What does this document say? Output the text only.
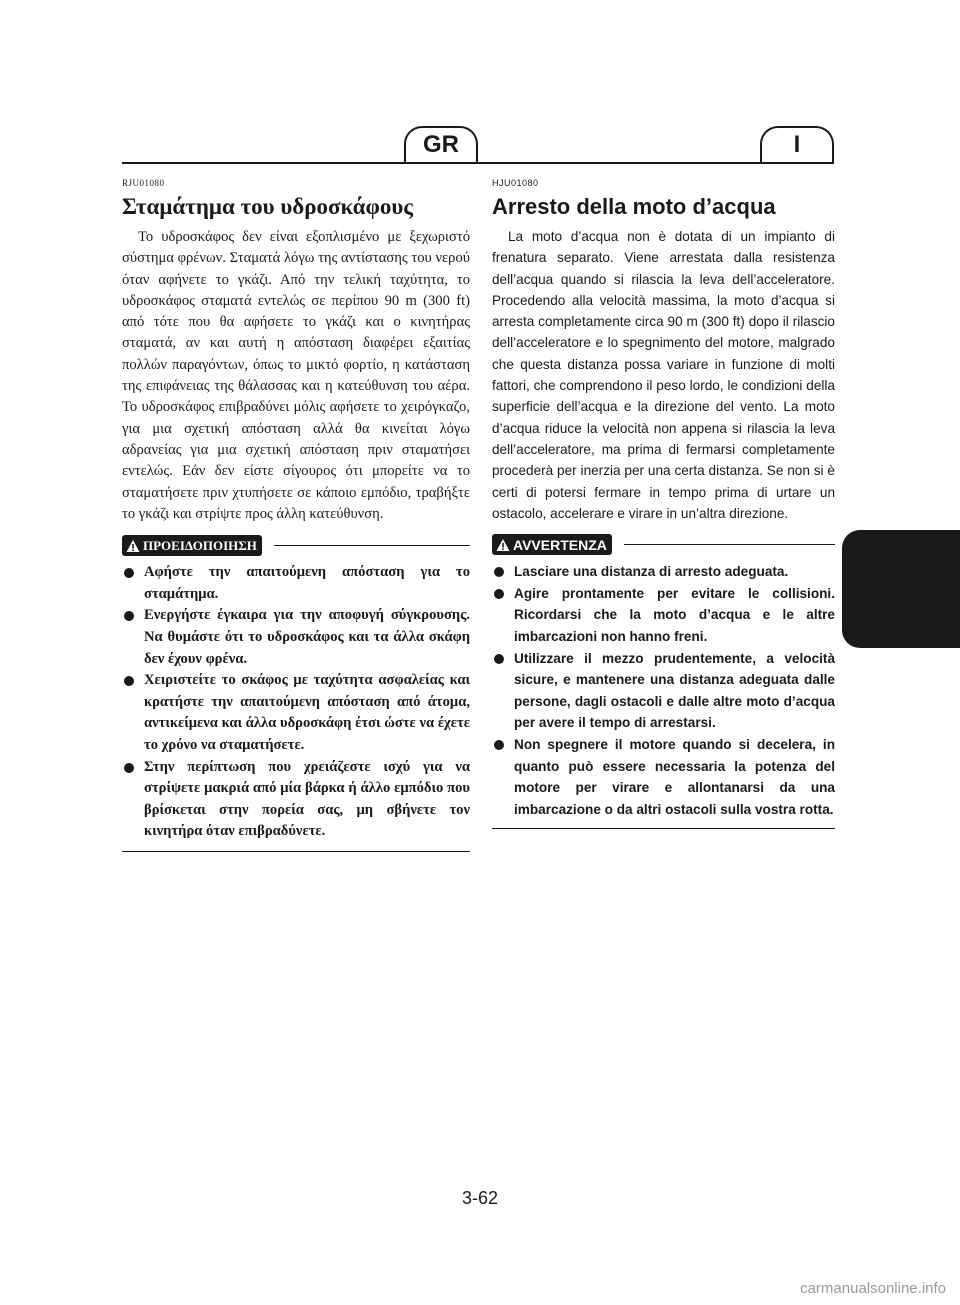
GR	I

RJU01080

Σταμάτημα του υδροσκάφους

Το υδροσκάφος δεν είναι εξοπλισμένο με ξεχωριστό σύστημα φρένων. Σταματά λόγω της αντίστασης του νερού όταν αφήνετε το γκάζι. Από την τελική ταχύτητα, το υδροσκάφος σταματά εντελώς σε περίπου 90 m (300 ft) από τότε που θα αφήσετε το γκάζι και ο κινητήρας σταματά, αν και αυτή η απόσταση διαφέρει εξαιτίας πολλών παραγόντων, όπως το μικτό φορτίο, η κατάσταση της επιφάνειας της θάλασσας και η κατεύθυνση του αέρα. Το υδροσκάφος επιβραδύνει μόλις αφήσετε το χειρόγκαζο, για μια σχετική απόσταση αλλά θα κινείται λόγω αδρανείας για μια σχετική απόσταση πριν σταματήσει εντελώς. Εάν δεν είστε σίγουρος ότι μπορείτε να το σταματήσετε πριν χτυπήσετε σε κάποιο εμπόδιο, τραβήξτε το γκάζι και στρίψτε προς άλλη κατεύθυνση.

ΠΡΟΕΙΔΟΠΟΙΗΣΗ
Αφήστε την απαιτούμενη απόσταση για το σταμάτημα.
Ενεργήστε έγκαιρα για την αποφυγή σύγκρουσης. Να θυμάστε ότι το υδροσκάφος και τα άλλα σκάφη δεν έχουν φρένα.
Χειριστείτε το σκάφος με ταχύτητα ασφαλείας και κρατήστε την απαιτούμενη απόσταση από άτομα, αντικείμενα και άλλα υδροσκάφη έτσι ώστε να έχετε το χρόνο να σταματήσετε.
Στην περίπτωση που χρειάζεστε ισχύ για να στρίψετε μακριά από μία βάρκα ή άλλο εμπόδιο που βρίσκεται στην πορεία σας, μη σβήνετε τον κινητήρα όταν επιβραδύνετε.

HJU01080

Arresto della moto d’acqua

La moto d’acqua non è dotata di un impianto di frenatura separato. Viene arrestata dalla resistenza dell’acqua quando si rilascia la leva dell’acceleratore. Procedendo alla velocità massima, la moto d’acqua si arresta completamente circa 90 m (300 ft) dopo il rilascio dell’acceleratore e lo spegnimento del motore, malgrado che questa distanza possa variare in funzione di molti fattori, che comprendono il peso lordo, le condizioni della superficie dell’acqua e la direzione del vento. La moto d’acqua riduce la velocità non appena si rilascia la leva dell’acceleratore, ma prima di fermarsi completamente procederà per inerzia per una certa distanza. Se non si è certi di potersi fermare in tempo prima di urtare un ostacolo, accelerare e virare in un’altra direzione.

AVVERTENZA
Lasciare una distanza di arresto adeguata.
Agire prontamente per evitare le collisioni. Ricordarsi che la moto d’acqua e le altre imbarcazioni non hanno freni.
Utilizzare il mezzo prudentemente, a velocità sicure, e mantenere una distanza adeguata dalle persone, dagli ostacoli e dalle altre moto d’acqua per avere il tempo di arrestarsi.
Non spegnere il motore quando si decelera, in quanto può essere necessaria la potenza del motore per virare e allontanarsi da una imbarcazione o da altri ostacoli sulla vostra rotta.
3-62
carmanualsonline.info
